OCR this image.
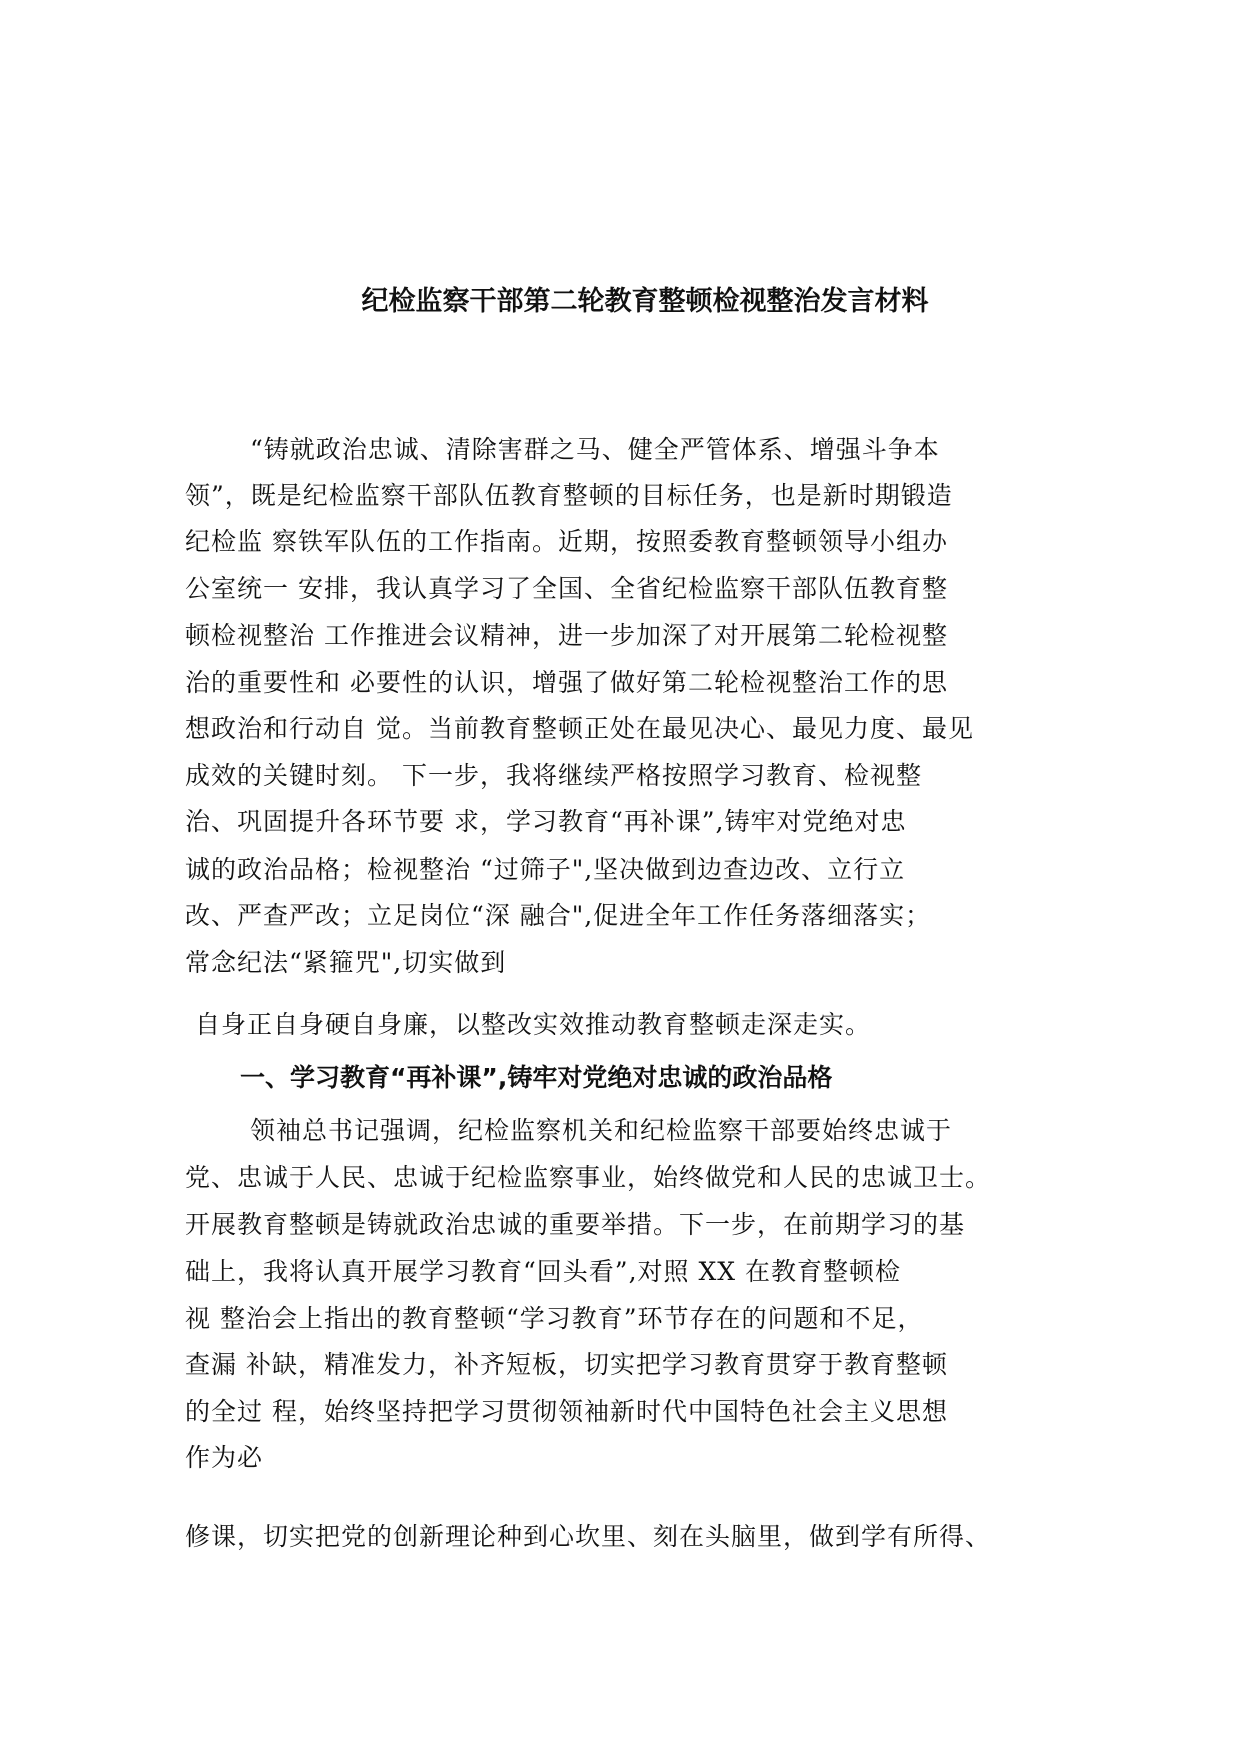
纪检监察干部第二轮教育整顿检视整治发言材料
“铸就政治忠诚、清除害群之马、健全严管体系、增强斗争本
领”，既是纪检监察干部队伍教育整顿的目标任务，也是新时期锻造
纪检监 察铁军队伍的工作指南。近期，按照委教育整顿领导小组办
公室统一 安排，我认真学习了全国、全省纪检监察干部队伍教育整
顿检视整治 工作推进会议精神，进一步加深了对开展第二轮检视整
治的重要性和 必要性的认识，增强了做好第二轮检视整治工作的思
想政治和行动自 觉。当前教育整顿正处在最见决心、最见力度、最见
成效的关键时刻。 下一步，我将继续严格按照学习教育、检视整
治、巩固提升各环节要 求，学习教育“再补课”,铸牢对党绝对忠
诚的政治品格；检视整治 “过筛子",坚决做到边查边改、立行立
改、严查严改；立足岗位“深 融合",促进全年工作任务落细落实；
常念纪法“紧箍咒",切实做到
自身正自身硬自身廉，以整改实效推动教育整顿走深走实。
一、学习教育“再补课”,铸牢对党绝对忠诚的政治品格
领袖总书记强调，纪检监察机关和纪检监察干部要始终忠诚于
党、忠诚于人民、忠诚于纪检监察事业，始终做党和人民的忠诚卫士。
开展教育整顿是铸就政治忠诚的重要举措。下一步，在前期学习的基
础上，我将认真开展学习教育“回头看”,对照 XX 在教育整顿检
视 整治会上指出的教育整顿“学习教育”环节存在的问题和不足，
查漏 补缺，精准发力，补齐短板，切实把学习教育贯穿于教育整顿
的全过 程，始终坚持把学习贯彻领袖新时代中国特色社会主义思想
作为必
修课，切实把党的创新理论种到心坎里、刻在头脑里，做到学有所得、
